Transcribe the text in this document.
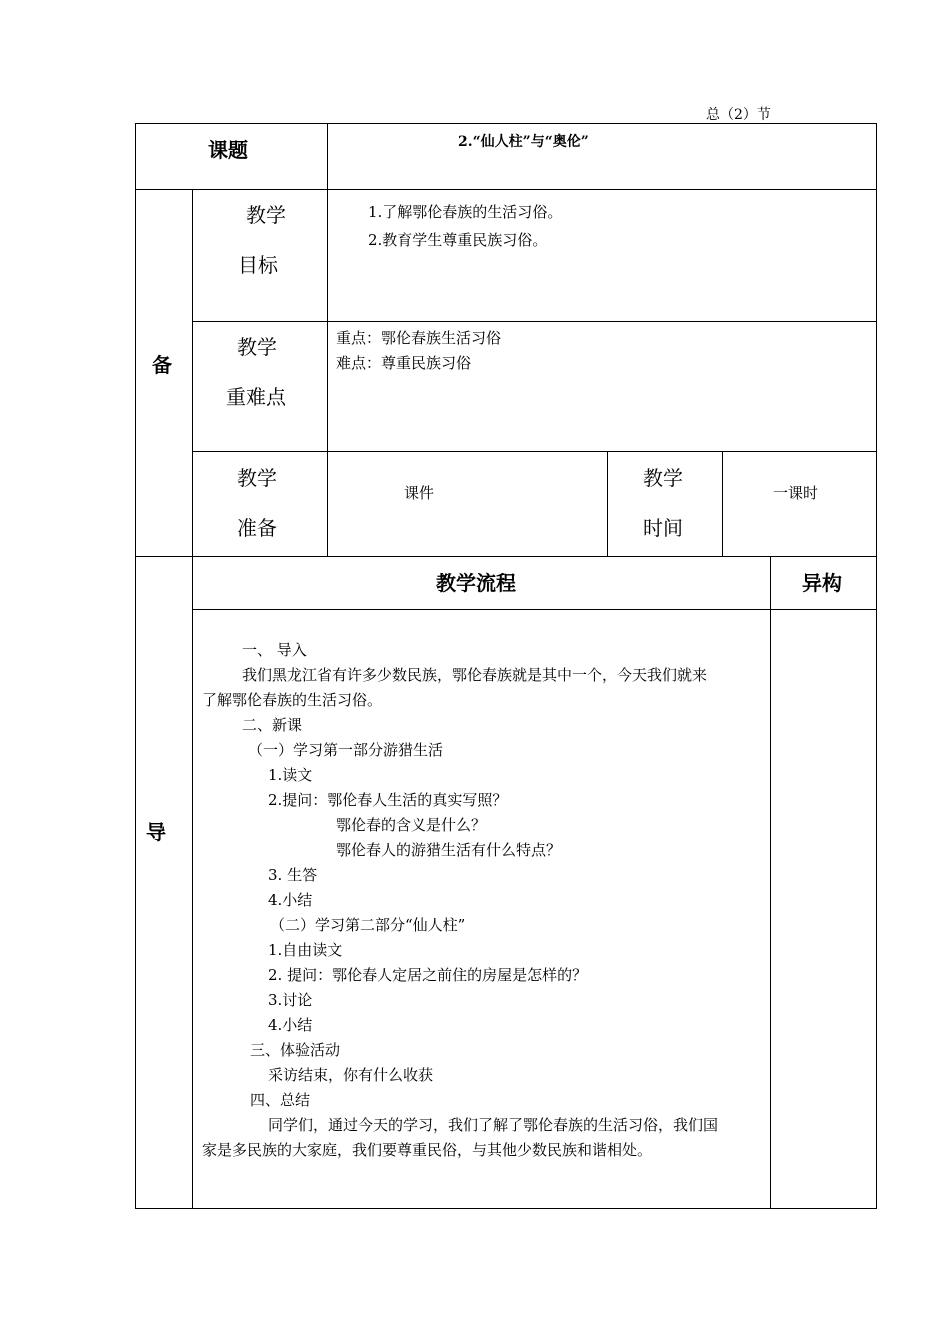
总（2）节
课题	2.“仙人柱”与“奥伦”
备
导
教学
目标
1.了解鄂伦春族的生活习俗。
2.教育学生尊重民族习俗。
教学
重难点
重点：鄂伦春族生活习俗
难点：尊重民族习俗
教学
准备
课件
教学
时间
一课时
教学流程	异构
一、 导入
我们黑龙江省有许多少数民族，鄂伦春族就是其中一个，今天我们就来
了解鄂伦春族的生活习俗。
二、新课
（一）学习第一部分游猎生活
1.读文
2.提问：鄂伦春人生活的真实写照？
鄂伦春的含义是什么？
鄂伦春人的游猎生活有什么特点？
3. 生答
4.小结
（二）学习第二部分“仙人柱”
1.自由读文
2. 提问：鄂伦春人定居之前住的房屋是怎样的？
3.讨论
4.小结
三、体验活动
采访结束，你有什么收获
四、总结
同学们，通过今天的学习，我们了解了鄂伦春族的生活习俗，我们国
家是多民族的大家庭，我们要尊重民俗，与其他少数民族和谐相处。
